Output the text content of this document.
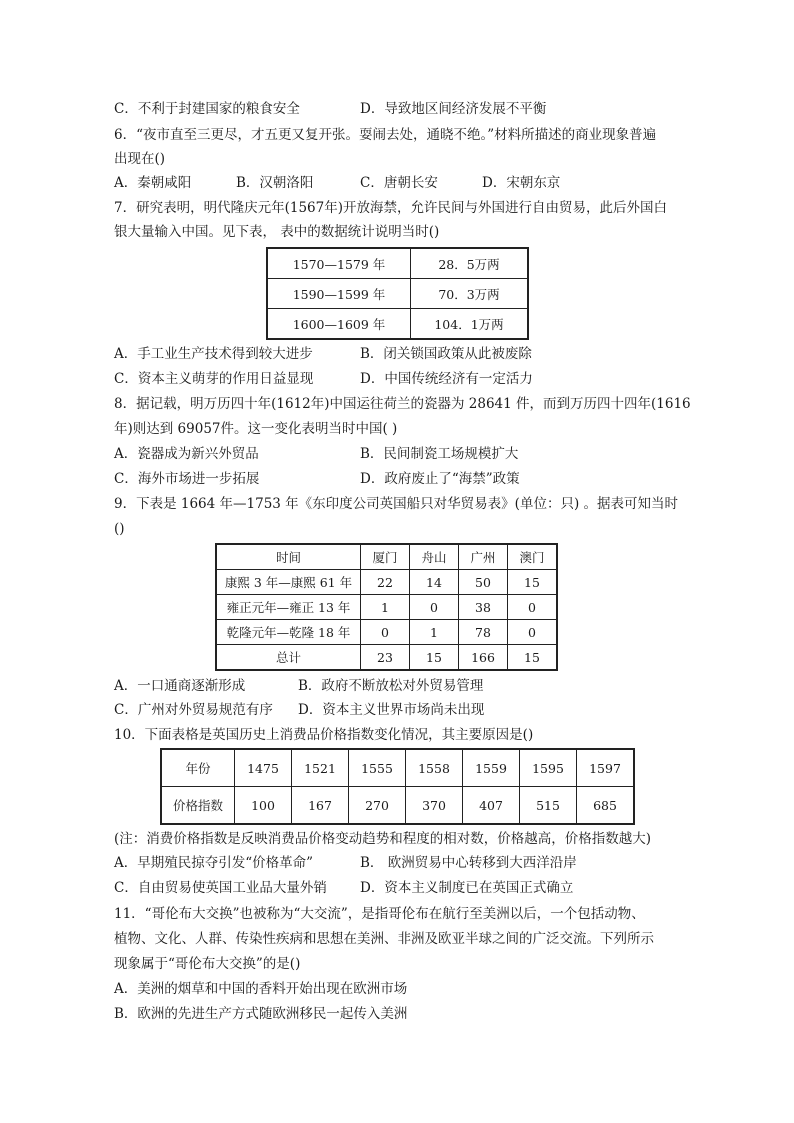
C．不利于封建国家的粮食安全	D．导致地区间经济发展不平衡
6．“夜市直至三更尽，才五更又复开张。耍闹去处，通晓不绝。”材料所描述的商业现象普遍
出现在()
A．秦朝咸阳	B．汉朝洛阳	C．唐朝长安	D．宋朝东京
7．研究表明，明代隆庆元年(1567年)开放海禁，允许民间与外国进行自由贸易，此后外国白
银大量输入中国。见下表， 表中的数据统计说明当时()
1570—1579 年	28．5万两
1590—1599 年	70．3万两
1600—1609 年	104．1万两
A．手工业生产技术得到较大进步	B．闭关锁国政策从此被废除
C．资本主义萌芽的作用日益显现	D．中国传统经济有一定活力
8．据记载，明万历四十年(1612年)中国运往荷兰的瓷器为 28641 件，而到万历四十四年(1616
年)则达到 69057件。这一变化表明当时中国( )
A．瓷器成为新兴外贸品	B．民间制瓷工场规模扩大
C．海外市场进一步拓展	D．政府废止了“海禁”政策
9．下表是 1664 年—1753 年《东印度公司英国船只对华贸易表》(单位：只) 。据表可知当时
()
时间	厦门	舟山	广州	澳门
康熙 3 年—康熙 61 年	22	14	50	15
雍正元年—雍正 13 年	1	0	38	0
乾隆元年—乾隆 18 年	0	1	78	0
总计	23	15	166	15
A．一口通商逐渐形成	B．政府不断放松对外贸易管理
C．广州对外贸易规范有序 D．资本主义世界市场尚未出现
10．下面表格是英国历史上消费品价格指数变化情况，其主要原因是()
年份	1475	1521	1555	1558	1559	1595	1597
价格指数	100	167	270	370	407	515	685
(注：消费价格指数是反映消费品价格变动趋势和程度的相对数，价格越高，价格指数越大)
A．早期殖民掠夺引发“价格革命”	B． 欧洲贸易中心转移到大西洋沿岸
C．自由贸易使英国工业品大量外销 D．资本主义制度已在英国正式确立
11．“哥伦布大交换”也被称为“大交流”，是指哥伦布在航行至美洲以后，一个包括动物、
植物、文化、人群、传染性疾病和思想在美洲、非洲及欧亚半球之间的广泛交流。下列所示
现象属于“哥伦布大交换”的是()
A．美洲的烟草和中国的香料开始出现在欧洲市场
B．欧洲的先进生产方式随欧洲移民一起传入美洲
